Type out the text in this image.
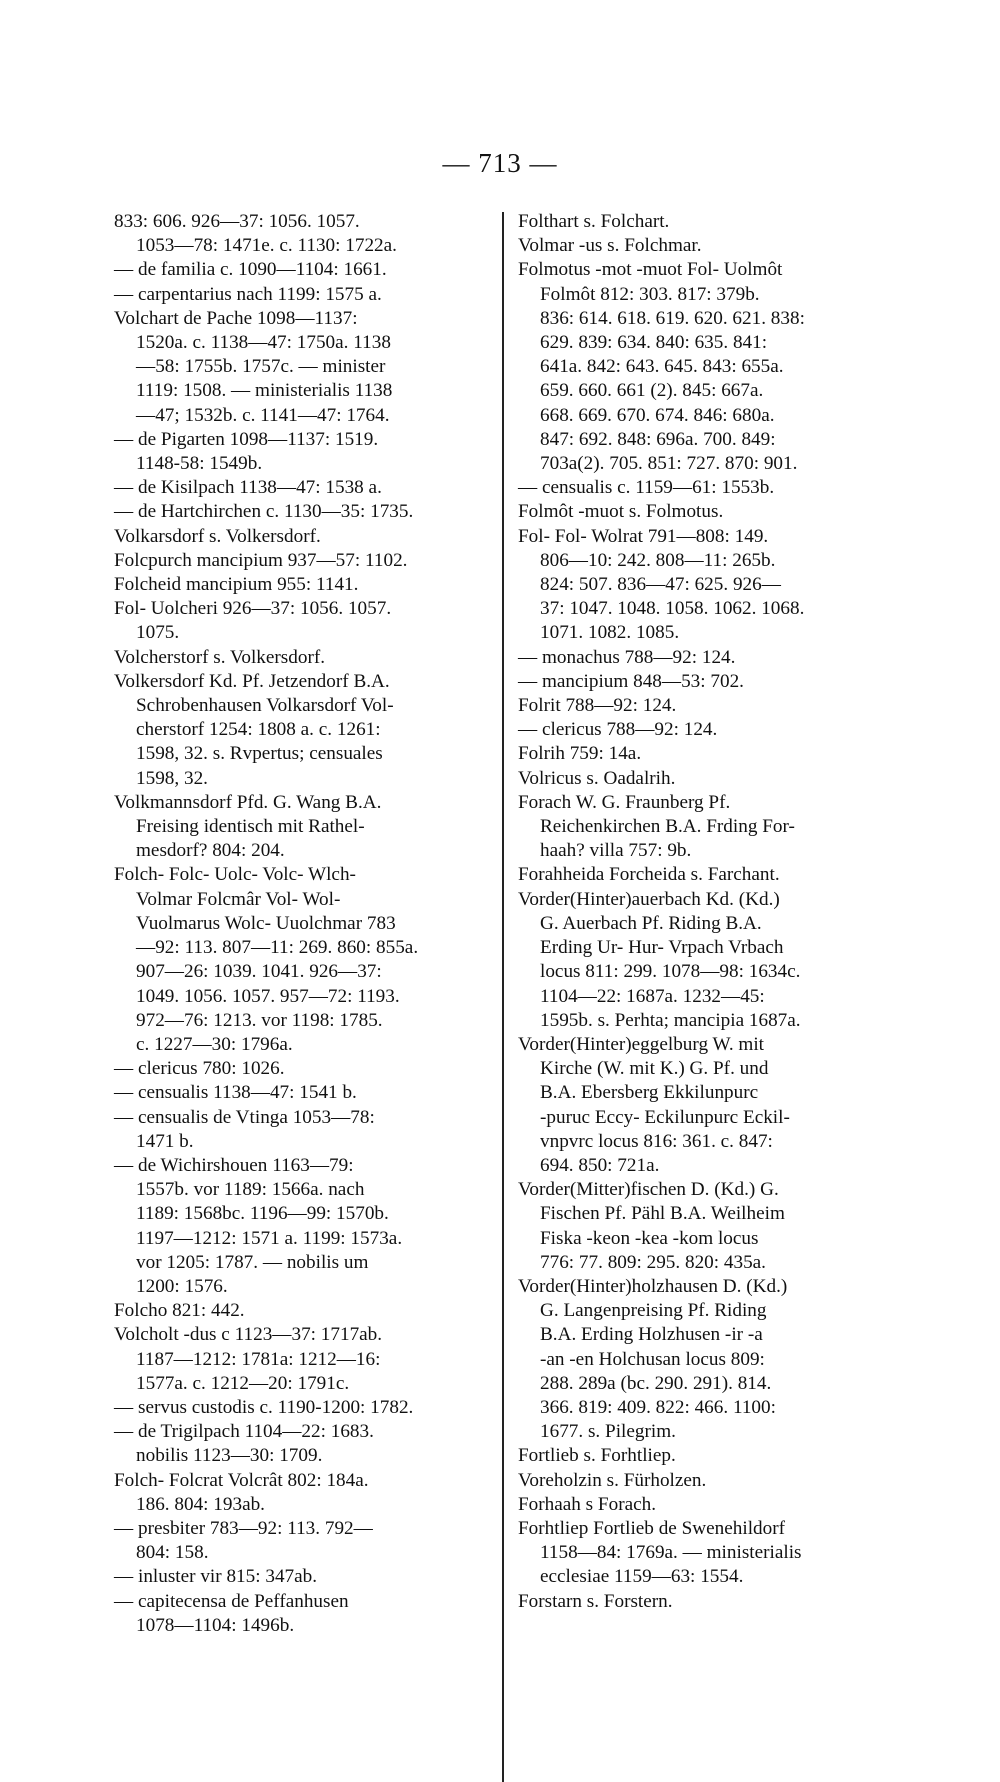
— 713 —

833: 606. 926—37: 1056. 1057.
1053—78: 1471e. c. 1130: 1722a.

— de familia c. 1090—1104: 1661.

— carpentarius nach 1199: 1575 a.

Volchart de Pache 1098—1137:
1520a. c. 1138—47: 1750a. 1138
—58: 1755b. 1757c. — minister
1119: 1508. — ministerialis 1138
—47; 1532b. c. 1141—47: 1764.

— de Pigarten 1098—1137: 1519.
1148-58: 1549b.

— de Kisilpach 1138—47: 1538 a.

— de Hartchirchen c. 1130—35: 1735.

Volkarsdorf s. Volkersdorf.

Folcpurch mancipium 937—57: 1102.

Folcheid mancipium 955: 1141.

Fol- Uolcheri 926—37: 1056. 1057.
1075.

Volcherstorf s. Volkersdorf.

Volkersdorf Kd. Pf. Jetzendorf B.A.
Schrobenhausen Volkarsdorf Vol-
cherstorf 1254: 1808 a. c. 1261:
1598, 32. s. Rvpertus; censuales
1598, 32.

Volkmannsdorf Pfd. G. Wang B.A.
Freising identisch mit Rathel-
mesdorf? 804: 204.

Folch- Folc- Uolc- Volc- Wlch-
Volmar Folcmâr Vol- Wol-
Vuolmarus Wolc- Uuolchmar 783
—92: 113. 807—11: 269. 860: 855a.
907—26: 1039. 1041. 926—37:
1049. 1056. 1057. 957—72: 1193.
972—76: 1213. vor 1198: 1785.
c. 1227—30: 1796a.

— clericus 780: 1026.

— censualis 1138—47: 1541 b.

— censualis de Vtinga 1053—78:
1471 b.

— de Wichirshouen 1163—79:
1557b. vor 1189: 1566a. nach
1189: 1568bc. 1196—99: 1570b.
1197—1212: 1571 a. 1199: 1573a.
vor 1205: 1787. — nobilis um
1200: 1576.

Folcho 821: 442.

Volcholt -dus c 1123—37: 1717ab.
1187—1212: 1781a: 1212—16:
1577a. c. 1212—20: 1791c.

— servus custodis c. 1190-1200: 1782.

— de Trigilpach 1104—22: 1683.
nobilis 1123—30: 1709.

Folch- Folcrat Volcrât 802: 184a.
186. 804: 193ab.

— presbiter 783—92: 113. 792—
804: 158.

— inluster vir 815: 347ab.

— capitecensa de Peffanhusen
1078—1104: 1496b.

Folthart s. Folchart.

Volmar -us s. Folchmar.

Folmotus -mot -muot Fol- Uolmôt
Folmôt 812: 303. 817: 379b.
836: 614. 618. 619. 620. 621. 838:
629. 839: 634. 840: 635. 841:
641a. 842: 643. 645. 843: 655a.
659. 660. 661 (2). 845: 667a.
668. 669. 670. 674. 846: 680a.
847: 692. 848: 696a. 700. 849:
703a(2). 705. 851: 727. 870: 901.

— censualis c. 1159—61: 1553b.

Folmôt -muot s. Folmotus.

Fol- Fol- Wolrat 791—808: 149.
806—10: 242. 808—11: 265b.
824: 507. 836—47: 625. 926—
37: 1047. 1048. 1058. 1062. 1068.
1071. 1082. 1085.

— monachus 788—92: 124.

— mancipium 848—53: 702.

Folrit 788—92: 124.

— clericus 788—92: 124.

Folrih 759: 14a.

Volricus s. Oadalrih.

Forach W. G. Fraunberg Pf.
Reichenkirchen B.A. Frding For-
haah? villa 757: 9b.

Forahheida Forcheida s. Farchant.

Vorder(Hinter)auerbach Kd. (Kd.)
G. Auerbach Pf. Riding B.A.
Erding Ur- Hur- Vrpach Vrbach
locus 811: 299. 1078—98: 1634c.
1104—22: 1687a. 1232—45:
1595b. s. Perhta; mancipia 1687a.

Vorder(Hinter)eggelburg W. mit
Kirche (W. mit K.) G. Pf. und
B.A. Ebersberg Ekkilunpurc
-puruc Eccy- Eckilunpurc Eckil-
vnpvrc locus 816: 361. c. 847:
694. 850: 721a.

Vorder(Mitter)fischen D. (Kd.) G.
Fischen Pf. Pähl B.A. Weilheim
Fiska -keon -kea -kom locus
776: 77. 809: 295. 820: 435a.

Vorder(Hinter)holzhausen D. (Kd.)
G. Langenpreising Pf. Riding
B.A. Erding Holzhusen -ir -a
-an -en Holchusan locus 809:
288. 289a (bc. 290. 291). 814.
366. 819: 409. 822: 466. 1100:
1677. s. Pilegrim.

Fortlieb s. Forhtliep.

Voreholzin s. Fürholzen.

Forhaah s Forach.

Forhtliep Fortlieb de Swenehildorf
1158—84: 1769a. — ministerialis
ecclesiae 1159—63: 1554.

Forstarn s. Forstern.
